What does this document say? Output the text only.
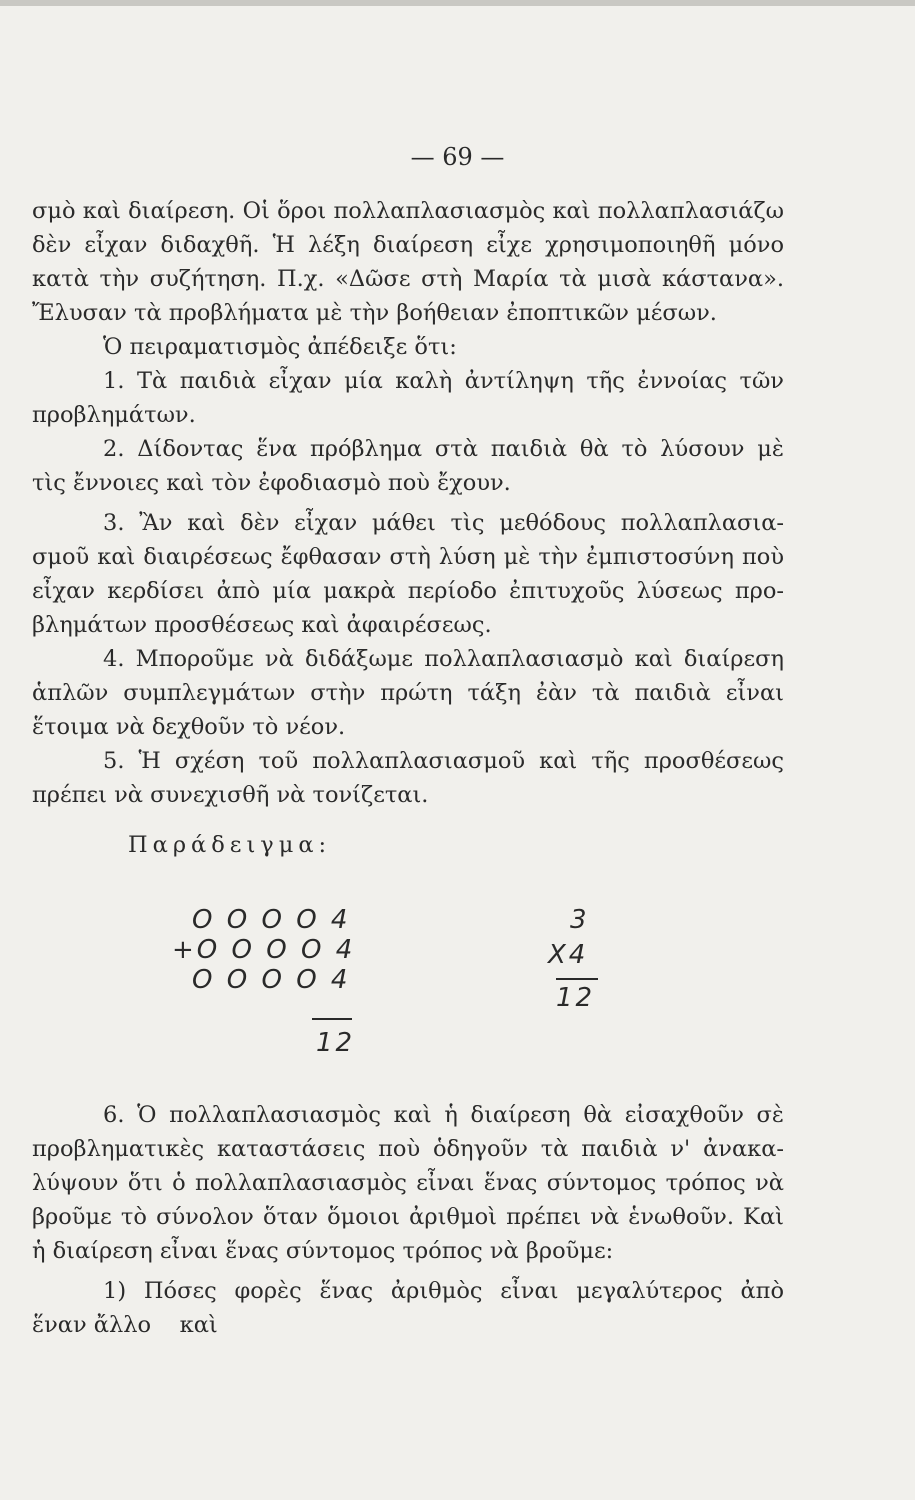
— 69 —
σμὸ καὶ διαίρεση. Οἱ ὅροι πολλαπλασιασμὸς καὶ πολλαπλασιάζω
δὲν εἶχαν διδαχθῆ. Ἡ λέξη διαίρεση εἶχε χρησιμοποιηθῆ μόνο
κατὰ τὴν συζήτηση. Π.χ. «Δῶσε στὴ Μαρία τὰ μισὰ κάστανα».
Ἔλυσαν τὰ προβλήματα μὲ τὴν βοήθειαν ἐποπτικῶν μέσων.
Ὁ πειραματισμὸς ἀπέδειξε ὅτι:
1. Τὰ παιδιὰ εἶχαν μία καλὴ ἀντίληψη τῆς ἐννοίας τῶν
προβλημάτων.
2. Δίδοντας ἕνα πρόβλημα στὰ παιδιὰ θὰ τὸ λύσουν μὲ
τὶς ἔννοιες καὶ τὸν ἐφοδιασμὸ ποὺ ἔχουν.
3. Ἂν καὶ δὲν εἶχαν μάθει τὶς μεθόδους πολλαπλασια-
σμοῦ καὶ διαιρέσεως ἔφθασαν στὴ λύση μὲ τὴν ἐμπιστοσύνη ποὺ
εἶχαν κερδίσει ἀπὸ μία μακρὰ περίοδο ἐπιτυχοῦς λύσεως προ-
βλημάτων προσθέσεως καὶ ἀφαιρέσεως.
4. Μποροῦμε νὰ διδάξωμε πολλαπλασιασμὸ καὶ διαίρεση
ἁπλῶν συμπλεγμάτων στὴν πρώτη τάξη ἐὰν τὰ παιδιὰ εἶναι
ἕτοιμα νὰ δεχθοῦν τὸ νέον.
5. Ἡ σχέση τοῦ πολλαπλασιασμοῦ καὶ τῆς προσθέσεως
πρέπει νὰ συνεχισθῆ νὰ τονίζεται.
Παράδειγμα:
O O O O 4
+O O O O 4
O O O O 4
12
3
X4
12
6. Ὁ πολλαπλασιασμὸς καὶ ἡ διαίρεση θὰ εἰσαχθοῦν σὲ
προβληματικὲς καταστάσεις ποὺ ὁδηγοῦν τὰ παιδιὰ ν' ἀνακα-
λύψουν ὅτι ὁ πολλαπλασιασμὸς εἶναι ἕνας σύντομος τρόπος νὰ
βροῦμε τὸ σύνολον ὅταν ὅμοιοι ἀριθμοὶ πρέπει νὰ ἑνωθοῦν. Καὶ
ἡ διαίρεση εἶναι ἕνας σύντομος τρόπος νὰ βροῦμε:
1) Πόσες φορὲς ἕνας ἀριθμὸς εἶναι μεγαλύτερος ἀπὸ
ἕναν ἄλλο    καὶ
